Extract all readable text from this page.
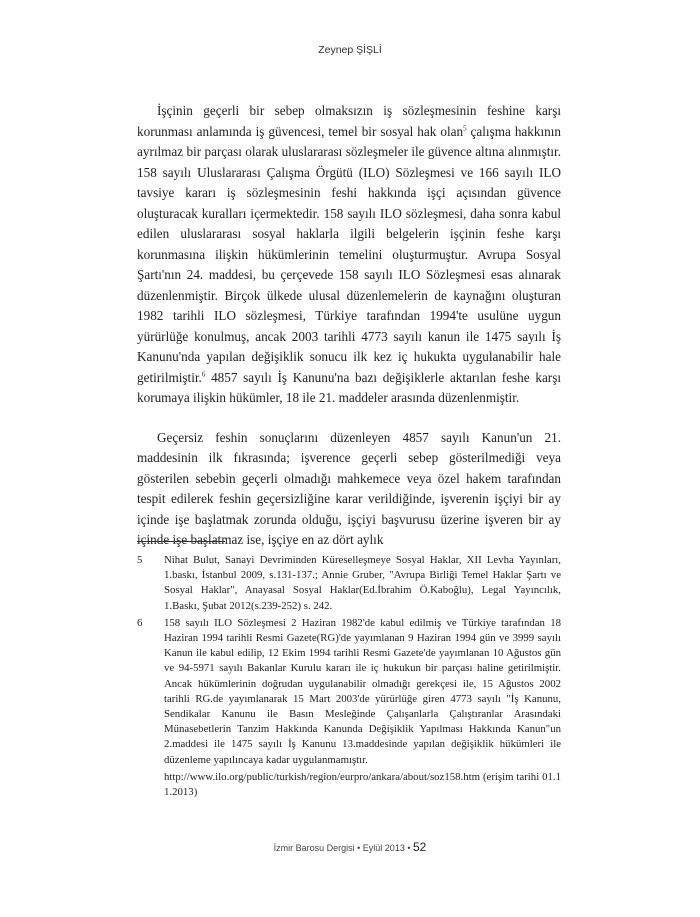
Zeynep ŞİŞLİ

İşçinin geçerli bir sebep olmaksızın iş sözleşmesinin feshine karşı korunması anlamında iş güvencesi, temel bir sosyal hak olan$^5$ çalışma hakkının ayrılmaz bir parçası olarak uluslararası sözleşmeler ile güvence altına alınmıştır. 158 sayılı Uluslararası Çalışma Örgütü (ILO) Sözleşmesi ve 166 sayılı ILO tavsiye kararı iş sözleşmesinin feshi hakkında işçi açısından güvence oluşturacak kuralları içermektedir. 158 sayılı ILO sözleşmesi, daha sonra kabul edilen uluslararası sosyal haklarla ilgili belgelerin işçinin feshe karşı korunmasına ilişkin hükümlerinin temelini oluşturmuştur. Avrupa Sosyal Şartı'nın 24. maddesi, bu çerçevede 158 sayılı ILO Sözleşmesi esas alınarak düzenlenmiştir. Birçok ülkede ulusal düzenlemelerin de kaynağını oluşturan 1982 tarihli ILO sözleşmesi, Türkiye tarafından 1994'te usulüne uygun yürürlüğe konulmuş, ancak 2003 tarihli 4773 sayılı kanun ile 1475 sayılı İş Kanunu'nda yapılan değişiklik sonucu ilk kez iç hukukta uygulanabilir hale getirilmiştir.$^6$ 4857 sayılı İş Kanunu'na bazı değişiklerle aktarılan feshe karşı korumaya ilişkin hükümler, 18 ile 21. maddeler arasında düzenlenmiştir.

Geçersiz feshin sonuçlarını düzenleyen 4857 sayılı Kanun'un 21. maddesinin ilk fıkrasında; işverence geçerli sebep gösterilmediği veya gösterilen sebebin geçerli olmadığı mahkemece veya özel hakem tarafından tespit edilerek feshin geçersizliğine karar verildiğinde, işverenin işçiyi bir ay içinde işe başlatmak zorunda olduğu, işçiyi başvurusu üzerine işveren bir ay içinde işe başlatmaz ise, işçiye en az dört aylık

5	Nihat Bulut, Sanayi Devriminden Küreselleşmeye Sosyal Haklar, XII Levha Yayınları, 1.baskı, İstanbul 2009, s.131-137.; Annie Gruber, "Avrupa Birliği Temel Haklar Şartı ve Sosyal Haklar", Anayasal Sosyal Haklar(Ed.İbrahim Ö.Kaboğlu), Legal Yayıncılık, 1.Baskı, Şubat 2012(s.239-252) s. 242.
6	158 sayılı ILO Sözleşmesi 2 Haziran 1982'de kabul edilmiş ve Türkiye tarafından 18 Haziran 1994 tarihli Resmi Gazete(RG)'de yayımlanan 9 Haziran 1994 gün ve 3999 sayılı Kanun ile kabul edilip, 12 Ekim 1994 tarihli Resmi Gazete'de yayımlanan 10 Ağustos gün ve 94-5971 sayılı Bakanlar Kurulu kararı ile iç hukukun bir parçası haline getirilmiştir. Ancak hükümlerinin doğrudan uygulanabilir olmadığı gerekçesi ile, 15 Ağustos 2002 tarihli RG.de yayımlanarak 15 Mart 2003'de yürürlüğe giren 4773 sayılı "İş Kanunu, Sendikalar Kanunu ile Basın Mesleğinde Çalışanlarla Çalıştıranlar Arasındaki Münasebetlerin Tanzim Hakkında Kanunda Değişiklik Yapılması Hakkında Kanun"un 2.maddesi ile 1475 sayılı İş Kanunu 13.maddesinde yapılan değişiklik hükümleri ile düzenleme yapılıncaya kadar uygulanmamıştır.
http://www.ilo.org/public/turkish/region/eurpro/ankara/about/soz158.htm (erişim tarihi 01.11.2013)
İzmir Barosu Dergisi • Eylül 2013 • 52
